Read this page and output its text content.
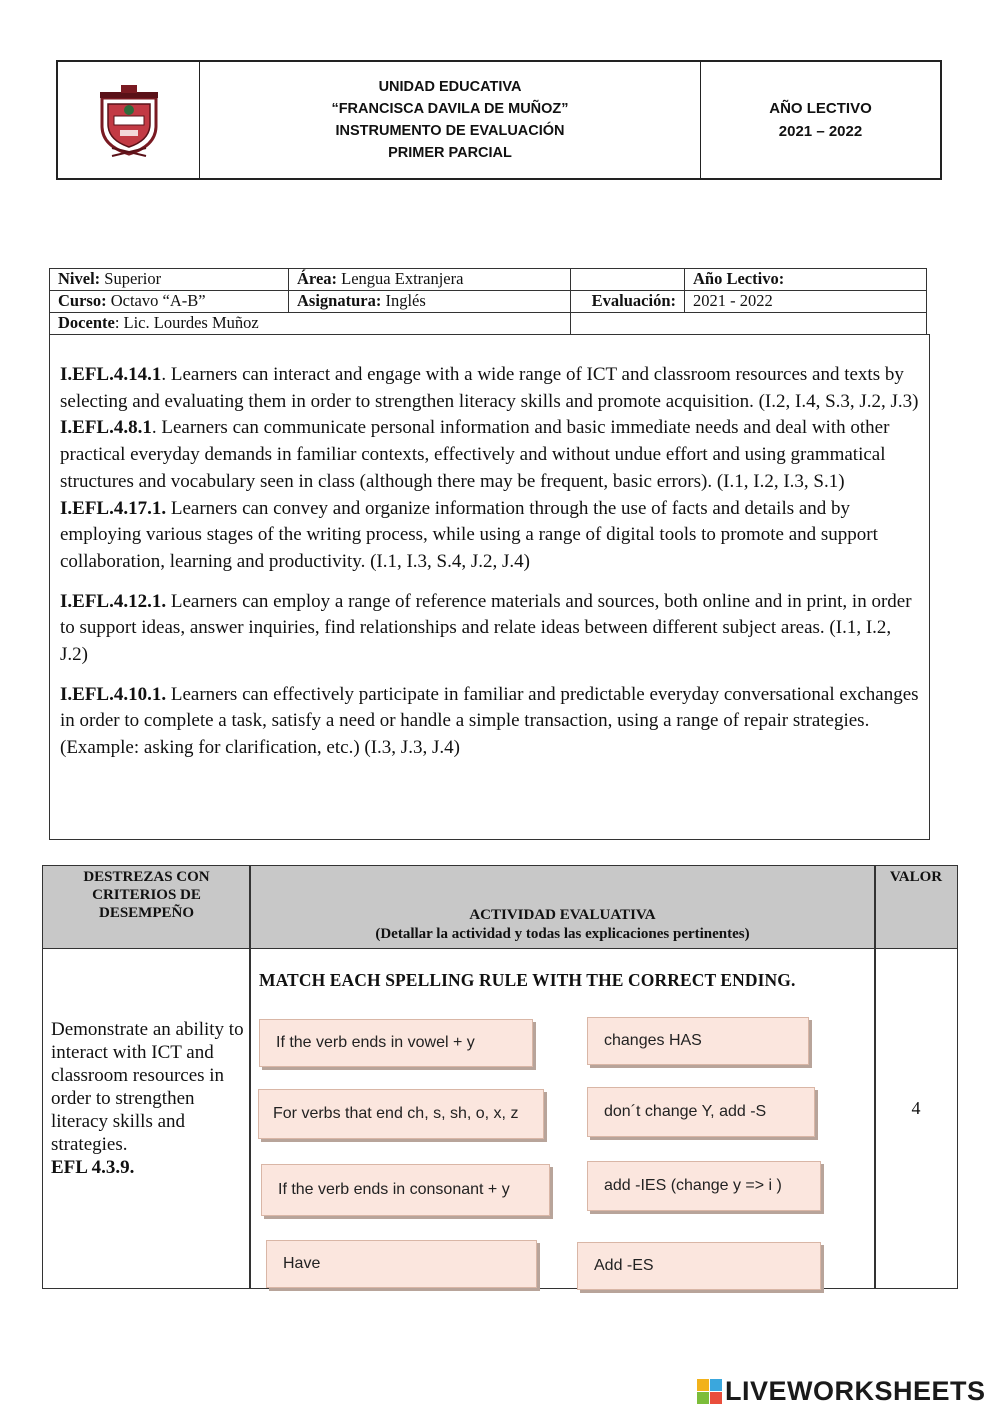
UNIDAD EDUCATIVA
“FRANCISCA DAVILA DE MUÑOZ”
INSTRUMENTO DE EVALUACIÓN
PRIMER PARCIAL
AÑO LECTIVO
2021 – 2022
Nivel: Superior	Área: Lengua Extranjera		Año Lectivo:
Curso: Octavo “A-B”	Asignatura: Inglés	Evaluación:	2021 - 2022
Docente: Lic. Lourdes Muñoz			

I.EFL.4.14.1. Learners can interact and engage with a wide range of ICT and classroom resources and texts by selecting and evaluating them in order to strengthen literacy skills and promote acquisition. (I.2, I.4, S.3, J.2, J.3)

I.EFL.4.8.1. Learners can communicate personal information and basic immediate needs and deal with other practical everyday demands in familiar contexts, effectively and without undue effort and using grammatical structures and vocabulary seen in class (although there may be frequent, basic errors). (I.1, I.2, I.3, S.1)

I.EFL.4.17.1. Learners can convey and organize information through the use of facts and details and by employing various stages of the writing process, while using a range of digital tools to promote and support collaboration, learning and productivity. (I.1, I.3, S.4, J.2, J.4)

I.EFL.4.12.1. Learners can employ a range of reference materials and sources, both online and in print, in order to support ideas, answer inquiries, find relationships and relate ideas between different subject areas. (I.1, I.2, J.2)

I.EFL.4.10.1. Learners can effectively participate in familiar and predictable everyday conversational exchanges in order to complete a task, satisfy a need or handle a simple transaction, using a range of repair strategies. (Example: asking for clarification, etc.) (I.3, J.3, J.4)

DESTREZAS CON
CRITERIOS DE
DESEMPEÑO	ACTIVIDAD EVALUATIVA
(Detallar la actividad y todas las explicaciones pertinentes)
VALOR
Demonstrate an ability to interact with ICT and classroom resources in order to strengthen literacy skills and strategies.
EFL 4.3.9.
MATCH EACH SPELLING RULE WITH THE CORRECT ENDING.
If the verb ends in vowel + y	changes HAS
For verbs that end ch, s, sh, o, x, z	don´t change Y, add -S
If the verb ends in consonant + y	add -IES (change y => i )
Have	Add -ES
4
LIVEWORKSHEETS
